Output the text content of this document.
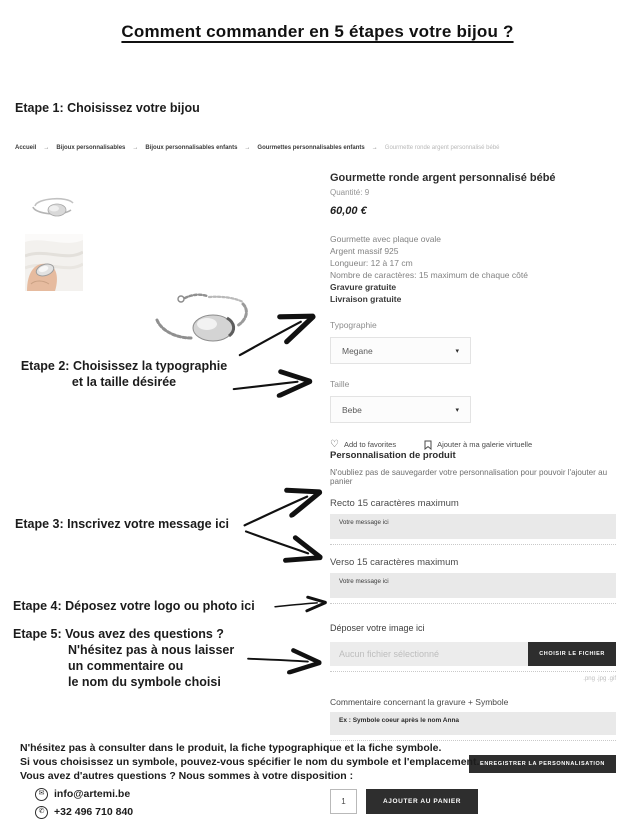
Comment commander en 5 étapes votre bijou ?
Etape 1: Choisissez votre bijou
Accueil → Bijoux personnalisables → Bijoux personnalisables enfants → Gourmettes personnalisables enfants → Gourmette ronde argent personnalisé bébé
Gourmette ronde argent personnalisé bébé
Quantité: 9
60,00 €
Gourmette avec plaque ovale
Argent massif 925
Longueur: 12 à 17 cm
Nombre de caractères: 15 maximum de chaque côté
Gravure gratuite
Livraison gratuite
Typographie
Megane	▾
Taille
Bebe	▾
♡ Add to favorites	Ajouter à ma galerie virtuelle
Etape 2: Choisissez la typographie
et la taille désirée
Personnalisation de produit
N'oubliez pas de sauvegarder votre personnalisation pour pouvoir l'ajouter au panier
Recto 15 caractères maximum
Votre message ici
Verso 15 caractères maximum
Votre message ici
Déposer votre image ici
Aucun fichier sélectionné
CHOISIR LE FICHIER
.png .jpg .gif
Commentaire concernant la gravure + Symbole
Ex : Symbole coeur après le nom Anna
ENREGISTRER LA PERSONNALISATION
1
AJOUTER AU PANIER
Etape 3: Inscrivez votre message ici
Etape 4: Déposez votre logo ou photo ici
Etape 5: Vous avez des questions ?
N'hésitez pas à nous laisser
un commentaire ou
le nom du symbole choisi
N'hésitez pas à consulter dans le produit, la fiche typographique et la fiche symbole.
Si vous choisissez un symbole, pouvez-vous spécifier le nom du symbole et l'emplacement.
Vous avez d'autres questions ? Nous sommes à votre disposition :
✉ info@artemi.be
✆ +32 496 710 840
